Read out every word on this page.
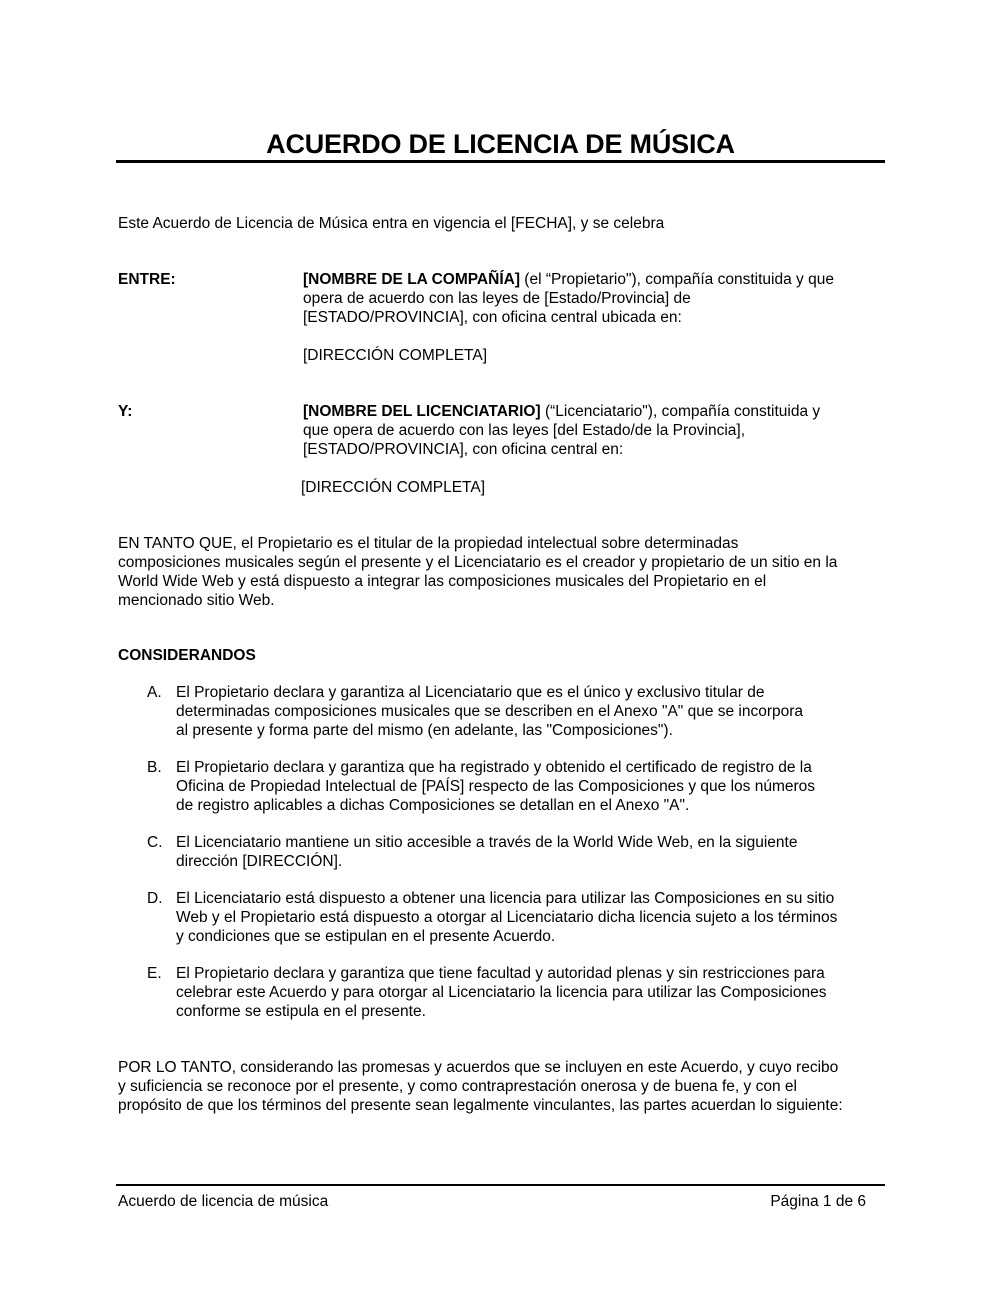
ACUERDO DE LICENCIA DE MÚSICA
Este Acuerdo de Licencia de Música entra en vigencia el [FECHA], y se celebra
ENTRE:	[NOMBRE DE LA COMPAÑÍA] (el “Propietario"), compañía constituida y que
opera de acuerdo con las leyes de [Estado/Provincia] de
[ESTADO/PROVINCIA], con oficina central ubicada en:
[DIRECCIÓN COMPLETA]
Y:	[NOMBRE DEL LICENCIATARIO] (“Licenciatario"), compañía constituida y
que opera de acuerdo con las leyes [del Estado/de la Provincia],
[ESTADO/PROVINCIA], con oficina central en:
[DIRECCIÓN COMPLETA]
EN TANTO QUE, el Propietario es el titular de la propiedad intelectual sobre determinadas
composiciones musicales según el presente y el Licenciatario es el creador y propietario de un sitio en la
World Wide Web y está dispuesto a integrar las composiciones musicales del Propietario en el
mencionado sitio Web.
CONSIDERANDOS
A. El Propietario declara y garantiza al Licenciatario que es el único y exclusivo titular de
determinadas composiciones musicales que se describen en el Anexo "A" que se incorpora
al presente y forma parte del mismo (en adelante, las "Composiciones").
B. El Propietario declara y garantiza que ha registrado y obtenido el certificado de registro de la
Oficina de Propiedad Intelectual de [PAÍS] respecto de las Composiciones y que los números
de registro aplicables a dichas Composiciones se detallan en el Anexo "A".
C. El Licenciatario mantiene un sitio accesible a través de la World Wide Web, en la siguiente
dirección [DIRECCIÓN].
D. El Licenciatario está dispuesto a obtener una licencia para utilizar las Composiciones en su sitio
Web y el Propietario está dispuesto a otorgar al Licenciatario dicha licencia sujeto a los términos
y condiciones que se estipulan en el presente Acuerdo.
E. El Propietario declara y garantiza que tiene facultad y autoridad plenas y sin restricciones para
celebrar este Acuerdo y para otorgar al Licenciatario la licencia para utilizar las Composiciones
conforme se estipula en el presente.
POR LO TANTO, considerando las promesas y acuerdos que se incluyen en este Acuerdo, y cuyo recibo
y suficiencia se reconoce por el presente, y como contraprestación onerosa y de buena fe, y con el
propósito de que los términos del presente sean legalmente vinculantes, las partes acuerdan lo siguiente:
Acuerdo de licencia de música	Página 1 de 6
